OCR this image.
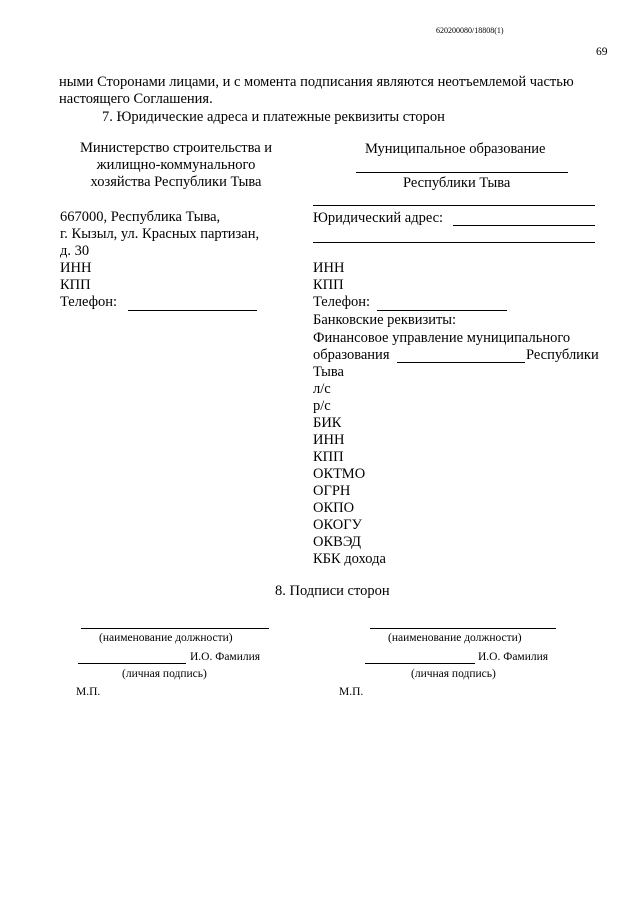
620200080/18808(1)
69
ными Сторонами лицами, и с момента подписания являются неотъемлемой частью
настоящего Соглашения.
7. Юридические адреса и платежные реквизиты сторон
Министерство строительства и
жилищно-коммунального
хозяйства Республики Тыва
Муниципальное образование
Республики Тыва
667000, Республика Тыва,
г. Кызыл, ул. Красных партизан,
д. 30
ИНН
КПП
Телефон:
Юридический адрес:
ИНН
КПП
Телефон:
Банковские реквизиты:
Финансовое управление муниципального
образования	Республики
Тыва
л/с
р/с
БИК
ИНН
КПП
ОКТМО
ОГРН
ОКПО
ОКОГУ
ОКВЭД
КБК дохода
8. Подписи сторон
(наименование должности)
И.О. Фамилия
(личная подпись)
М.П.
(наименование должности)
И.О. Фамилия
(личная подпись)
М.П.
